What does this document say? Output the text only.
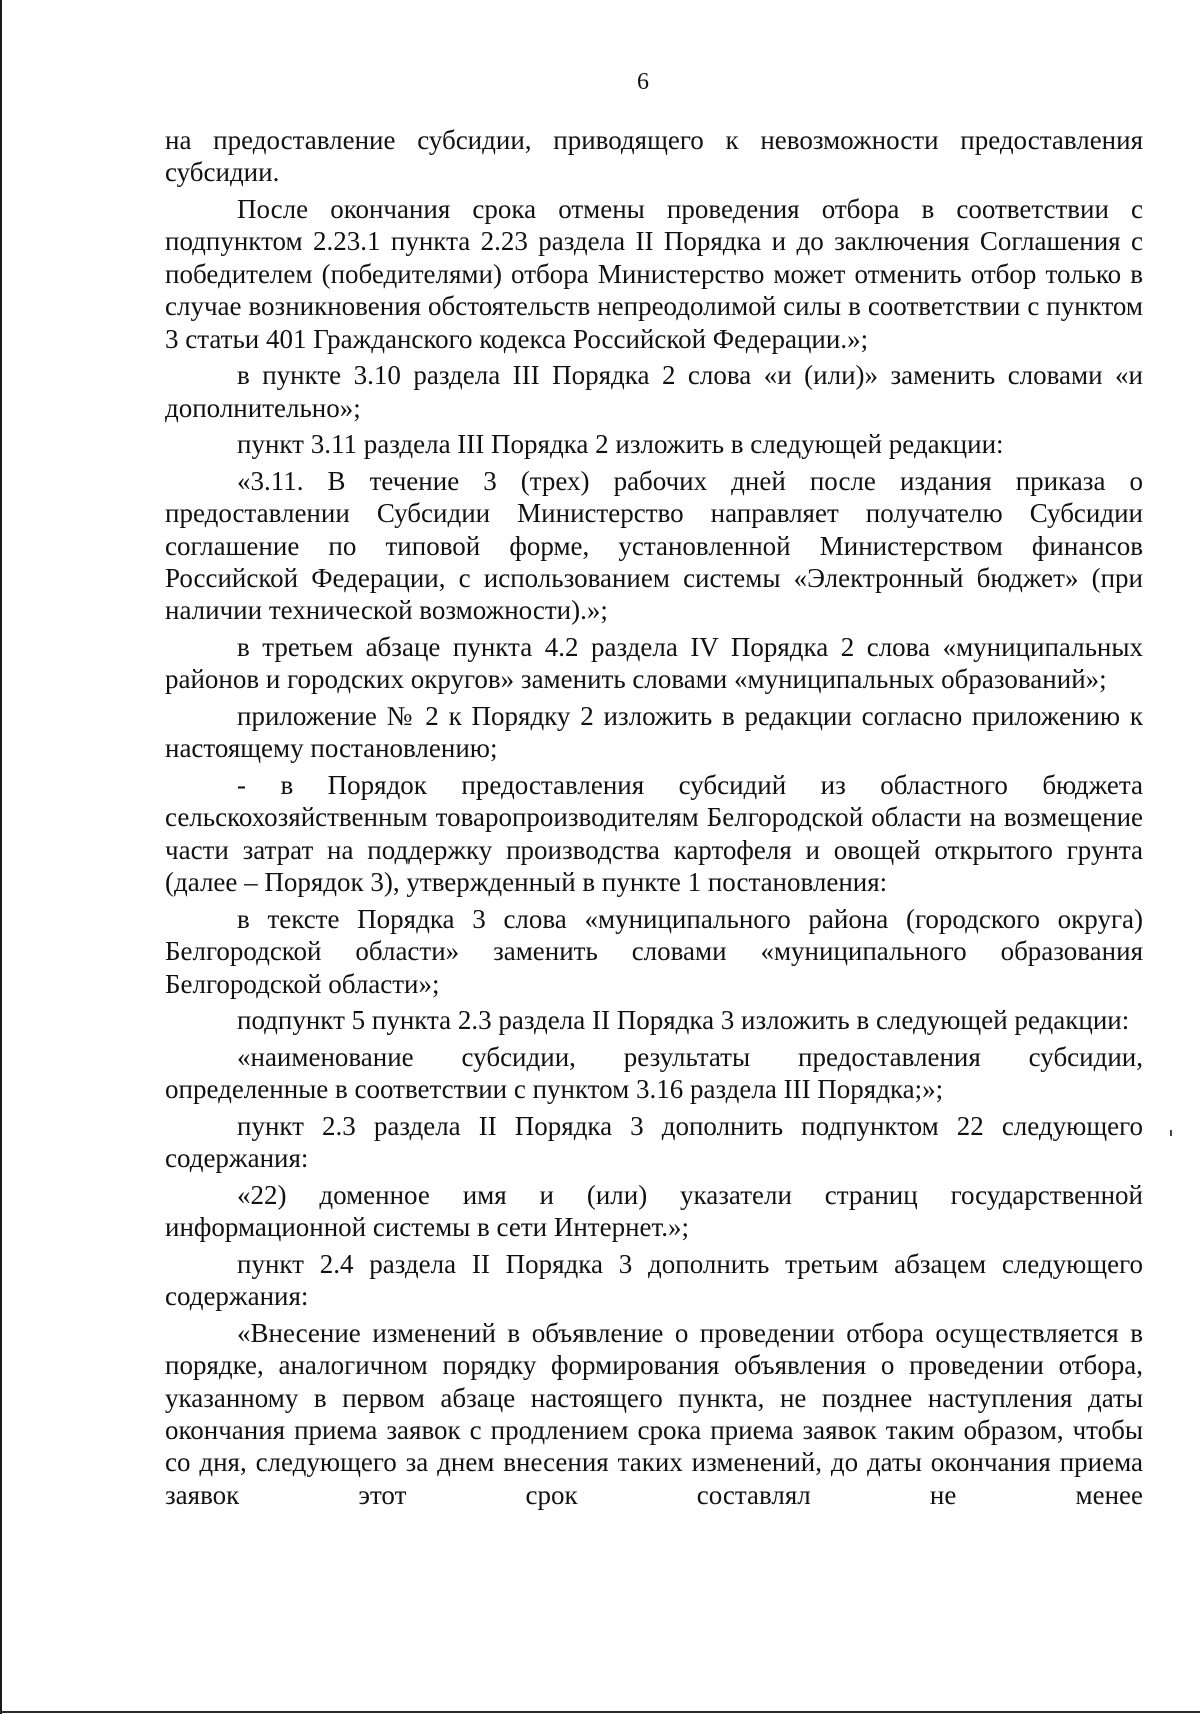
6

на предоставление субсидии, приводящего к невозможности предоставления субсидии.

После окончания срока отмены проведения отбора в соответствии с подпунктом 2.23.1 пункта 2.23 раздела II Порядка и до заключения Соглашения с победителем (победителями) отбора Министерство может отменить отбор только в случае возникновения обстоятельств непреодолимой силы в соответствии с пунктом 3 статьи 401 Гражданского кодекса Российской Федерации.»;

в пункте 3.10 раздела III Порядка 2 слова «и (или)» заменить словами «и дополнительно»;

пункт 3.11 раздела III Порядка 2 изложить в следующей редакции:

«3.11. В течение 3 (трех) рабочих дней после издания приказа о предоставлении Субсидии Министерство направляет получателю Субсидии соглашение по типовой форме, установленной Министерством финансов Российской Федерации, с использованием системы «Электронный бюджет» (при наличии технической возможности).»;

в третьем абзаце пункта 4.2 раздела IV Порядка 2 слова «муниципальных районов и городских округов» заменить словами «муниципальных образований»;

приложение № 2 к Порядку 2 изложить в редакции согласно приложению к настоящему постановлению;

- в Порядок предоставления субсидий из областного бюджета сельскохозяйственным товаропроизводителям Белгородской области на возмещение части затрат на поддержку производства картофеля и овощей открытого грунта (далее – Порядок 3), утвержденный в пункте 1 постановления:

в тексте Порядка 3 слова «муниципального района (городского округа) Белгородской области» заменить словами «муниципального образования Белгородской области»;

подпункт 5 пункта 2.3 раздела II Порядка 3 изложить в следующей редакции:

«наименование субсидии, результаты предоставления субсидии, определенные в соответствии с пунктом 3.16 раздела III Порядка;»;

пункт 2.3 раздела II Порядка 3 дополнить подпунктом 22 следующего содержания:

«22) доменное имя и (или) указатели страниц государственной информационной системы в сети Интернет.»;

пункт 2.4 раздела II Порядка 3 дополнить третьим абзацем следующего содержания:

«Внесение изменений в объявление о проведении отбора осуществляется в порядке, аналогичном порядку формирования объявления о проведении отбора, указанному в первом абзаце настоящего пункта, не позднее наступления даты окончания приема заявок с продлением срока приема заявок таким образом, чтобы со дня, следующего за днем внесения таких изменений, до даты окончания приема заявок этот срок составлял не менее
